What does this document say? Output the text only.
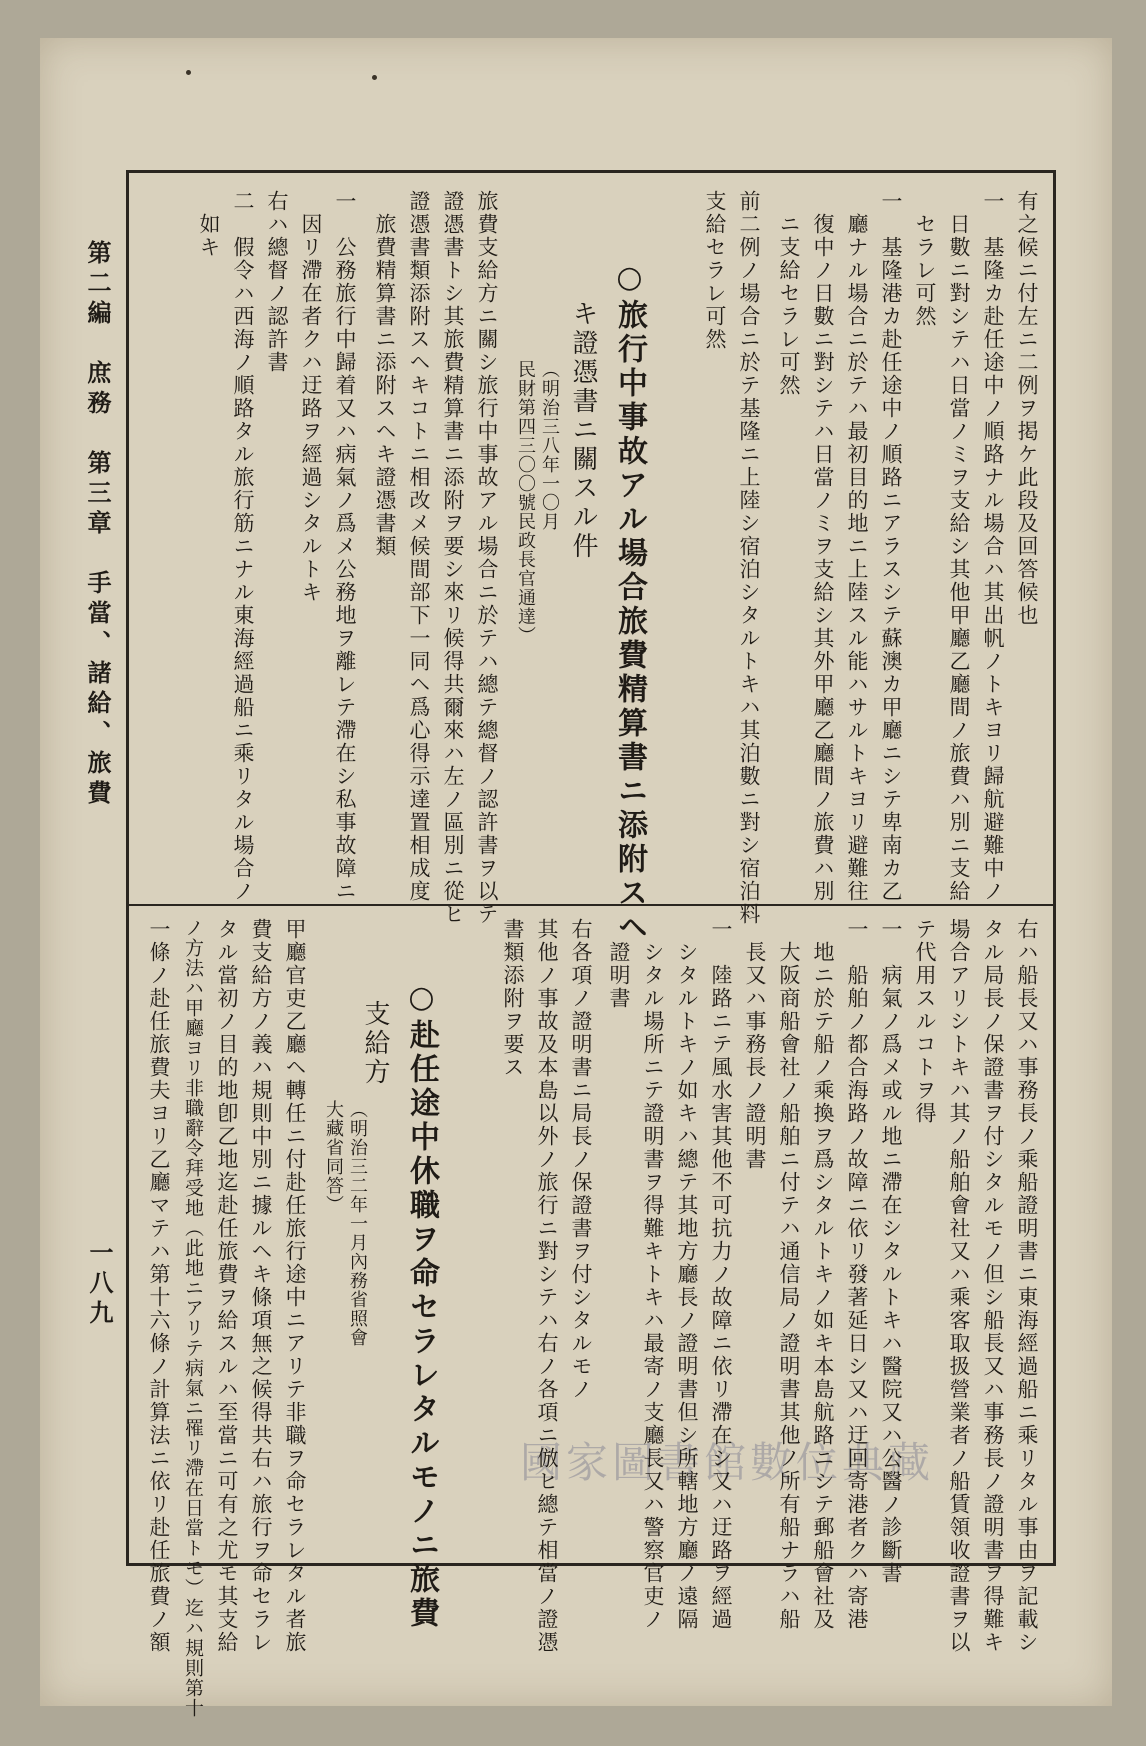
第二編　庶務　第三章　手當、諸給、旅費
一八九
國家圖書館數位典藏
有之候ニ付左ニ二例ヲ掲ケ此段及回答候也
一　基隆カ赴任途中ノ順路ナル場合ハ其出帆ノトキヨリ歸航避難中ノ
　日數ニ對シテハ日當ノミヲ支給シ其他甲廳乙廳間ノ旅費ハ別ニ支給
　セラレ可然
一　基隆港カ赴任途中ノ順路ニアラスシテ蘇澳カ甲廳ニシテ卑南カ乙
　廳ナル場合ニ於テハ最初目的地ニ上陸スル能ハサルトキヨリ避難往
　復中ノ日數ニ對シテハ日當ノミヲ支給シ其外甲廳乙廳間ノ旅費ハ別
　ニ支給セラレ可然
前二例ノ場合ニ於テ基隆ニ上陸シ宿泊シタルトキハ其泊數ニ對シ宿泊料
支給セラレ可然
○旅行中事故アル場合旅費精算書ニ添附スヘ
キ證憑書ニ關スル件
（明治三八年一〇月
民財第四三〇〇號民政長官通達）
旅費支給方ニ關シ旅行中事故アル場合ニ於テハ總テ總督ノ認許書ヲ以テ
證憑書トシ其旅費精算書ニ添附ヲ要シ來リ候得共爾來ハ左ノ區別ニ從ヒ
證憑書類添附スヘキコトニ相改メ候間部下一同ヘ爲心得示達置相成度
　旅費精算書ニ添附スヘキ證憑書類
一　公務旅行中歸着又ハ病氣ノ爲メ公務地ヲ離レテ滯在シ私事故障ニ
　因リ滯在者クハ迂路ヲ經過シタルトキ
右ハ總督ノ認許書
二　假令ハ西海ノ順路タル旅行筋ニナル東海經過船ニ乘リタル場合ノ
　如キ
右ハ船長又ハ事務長ノ乘船證明書ニ東海經過船ニ乘リタル事由ヲ記載シ
タル局長ノ保證書ヲ付シタルモノ但シ船長又ハ事務長ノ證明書ヲ得難キ
場合アリシトキハ其ノ船舶會社又ハ乘客取扱營業者ノ船賃領收證書ヲ以
テ代用スルコトヲ得
一　病氣ノ爲メ或ル地ニ滯在シタルトキハ醫院又ハ公醫ノ診斷書
一　船舶ノ都合海路ノ故障ニ依リ發著延日シ又ハ迂回寄港者クハ寄港
　地ニ於テ船ノ乘換ヲ爲シタルトキノ如キ本島航路ニシテ郵船會社及
　大阪商船會社ノ船舶ニ付テハ通信局ノ證明書其他ノ所有船ナラハ船
　長又ハ事務長ノ證明書
一　陸路ニテ風水害其他不可抗力ノ故障ニ依リ滯在シ又ハ迂路ヲ經過
　シタルトキノ如キハ總テ其地方廳長ノ證明書但シ所轄地方廳ノ遠隔
　シタル場所ニテ證明書ヲ得難キトキハ最寄ノ支廳長又ハ警察官吏ノ
　證明書
右各項ノ證明書ニ局長ノ保證書ヲ付シタルモノ
其他ノ事故及本島以外ノ旅行ニ對シテハ右ノ各項ニ倣ヒ總テ相當ノ證憑
書類添附ヲ要ス
○赴任途中休職ヲ命セラレタルモノニ旅費
支給方
（明治三二年一月內務省照會
大藏省同答）
甲廳官吏乙廳ヘ轉任ニ付赴任旅行途中ニアリテ非職ヲ命セラレタル者旅
費支給方ノ義ハ規則中別ニ據ルヘキ條項無之候得共右ハ旅行ヲ命セラレ
タル當初ノ目的地卽乙地迄赴任旅費ヲ給スルハ至當ニ可有之尤モ其支給
ノ方法ハ甲廳ヨリ非職辭令拜受地（此地ニアリテ病氣ニ罹リ滯在日當トモ）迄ハ規則第十
一條ノ赴任旅費夫ヨリ乙廳マテハ第十六條ノ計算法ニ依リ赴任旅費ノ額
